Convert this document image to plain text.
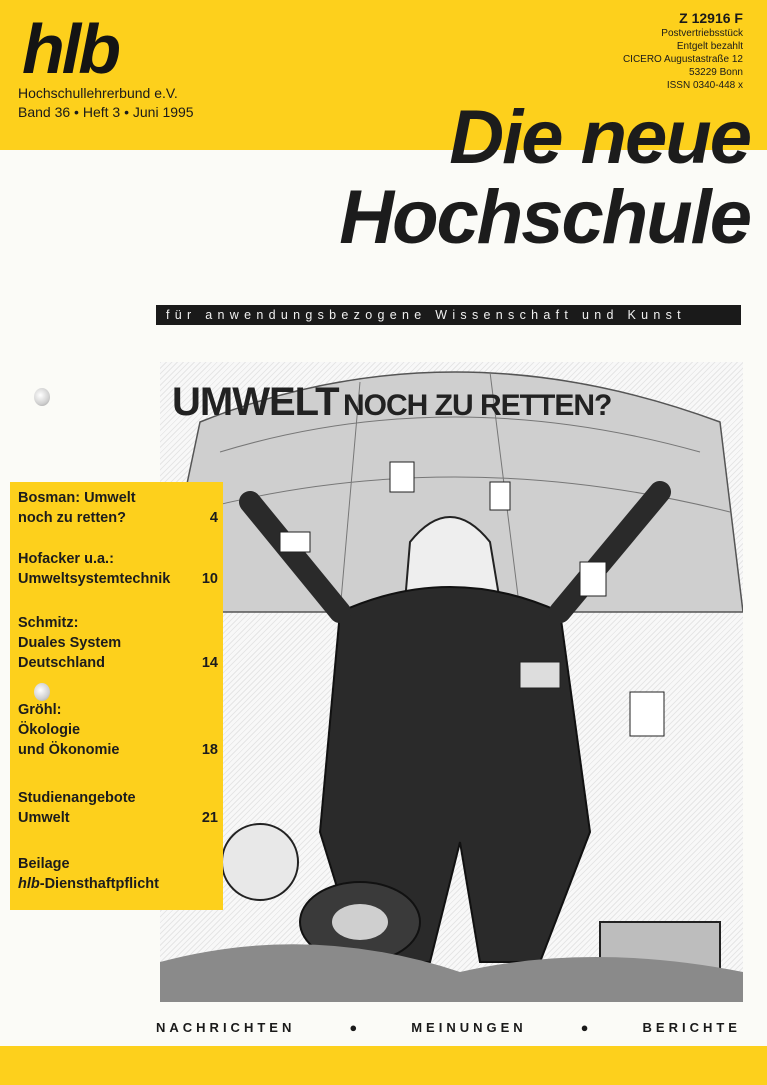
hlb
Hochschullehrerbund e.V.
Band 36 • Heft 3 • Juni 1995
Z 12916 F
Postvertriebsstück
Entgelt bezahlt
CICERO Augustastraße 12
53229 Bonn
ISSN 0340-448 x
Die neue
Hochschule
für anwendungsbezogene Wissenschaft und Kunst
UMWELT NOCH ZU RETTEN?
Bosman: Umwelt
noch zu retten?	4
Hofacker u.a.:
Umweltsystemtechnik 10
Schmitz:
Duales System
Deutschland	14
Gröhl:
Ökologie
und Ökonomie	18
Studienangebote
Umwelt	21
Beilage
hlb-Diensthaftpflicht
NACHRICHTEN	●	MEINUNGEN	●	BERICHTE
